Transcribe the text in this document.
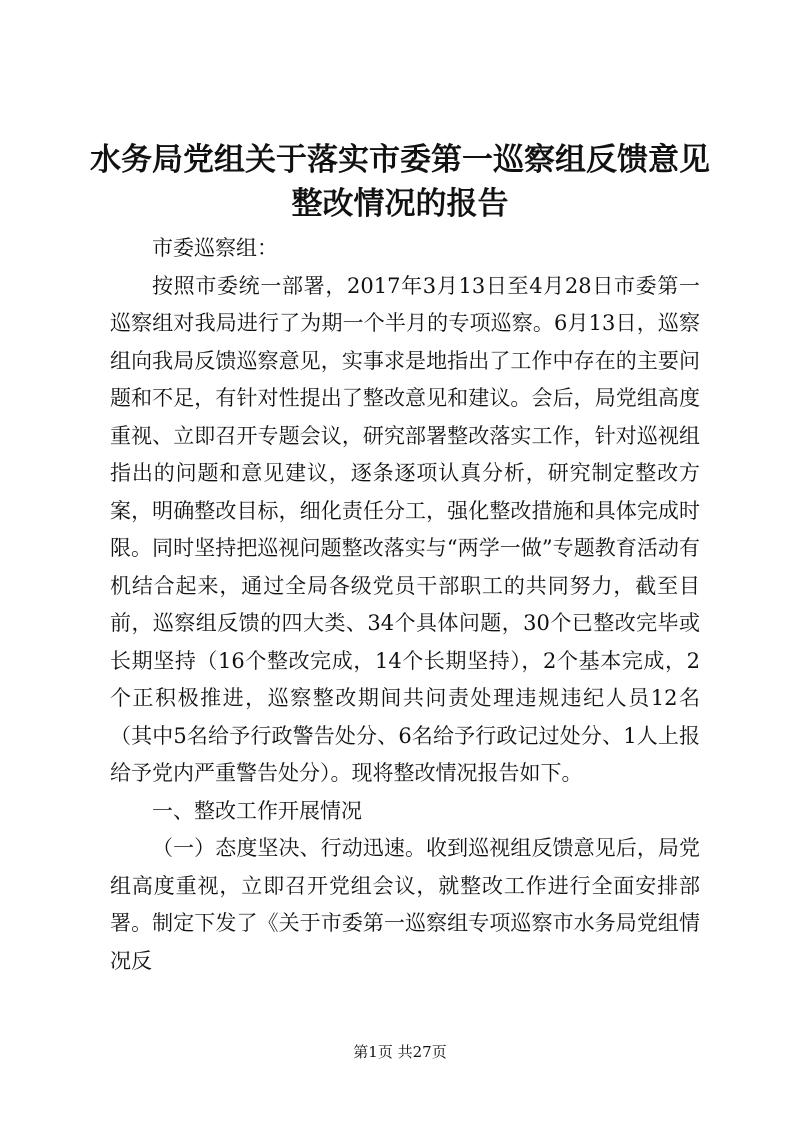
水务局党组关于落实市委第一巡察组反馈意见
整改情况的报告

市委巡察组：

按照市委统一部署，2017年3月13日至4月28日市委第一巡察组对我局进行了为期一个半月的专项巡察。6月13日，巡察组向我局反馈巡察意见，实事求是地指出了工作中存在的主要问题和不足，有针对性提出了整改意见和建议。会后，局党组高度重视、立即召开专题会议，研究部署整改落实工作，针对巡视组指出的问题和意见建议，逐条逐项认真分析，研究制定整改方案，明确整改目标，细化责任分工，强化整改措施和具体完成时限。同时坚持把巡视问题整改落实与“两学一做”专题教育活动有机结合起来，通过全局各级党员干部职工的共同努力，截至目前，巡察组反馈的四大类、34个具体问题，30个已整改完毕或长期坚持（16个整改完成，14个长期坚持），2个基本完成，2个正积极推进，巡察整改期间共问责处理违规违纪人员12名（其中5名给予行政警告处分、6名给予行政记过处分、1人上报给予党内严重警告处分）。现将整改情况报告如下。

一、整改工作开展情况

（一）态度坚决、行动迅速。收到巡视组反馈意见后，局党组高度重视，立即召开党组会议，就整改工作进行全面安排部署。制定下发了《关于市委第一巡察组专项巡察市水务局党组情况反

第1页 共27页
